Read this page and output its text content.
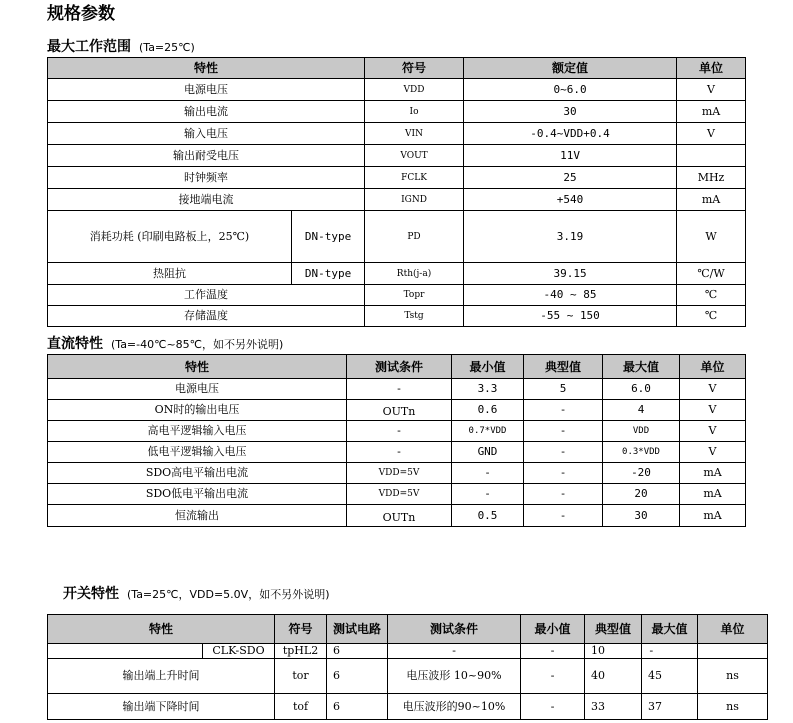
规格参数
最大工作范围 (Ta=25℃)
特性		符号	额定值	单位
电源电压		VDD	0~6.0	V
输出电流		Io	30	mA
输入电压		VIN	-0.4~VDD+0.4	V
输出耐受电压		VOUT	11V	
时钟频率		FCLK	25	MHz
接地端电流		IGND	+540	mA
消耗功耗 (印刷电路板上，25℃)	DN-type	PD	3.19	W
热阻抗	DN-type	Rth(j-a)	39.15	℃/W
工作温度		Topr	-40 ~ 85	℃
存储温度		Tstg	-55 ~ 150	℃
直流特性 (Ta=-40℃~85℃，如不另外说明)
特性	测试条件	最小值	典型值	最大值	单位
电源电压	-	3.3	5	6.0	V
ON时的输出电压	OUTn	0.6	-	4	V
高电平逻辑输入电压	-	0.7*VDD	-	VDD	V
低电平逻辑输入电压	-	GND	-	0.3*VDD	V
SDO高电平输出电流	VDD=5V	-	-	-20	mA
SDO低电平输出电流	VDD=5V	-	-	20	mA
恒流输出	OUTn	0.5	-	30	mA
开关特性 (Ta=25℃，VDD=5.0V，如不另外说明)
特性		符号	测试电路	测试条件	最小值	典型值	最大值	单位
	CLK-SDO	tpHL2	6	-	-	10	-	
输出端上升时间		tor	6	电压波形 10~90%	-	40	45	ns
输出端下降时间		tof	6	电压波形的90~10%	-	33	37	ns
